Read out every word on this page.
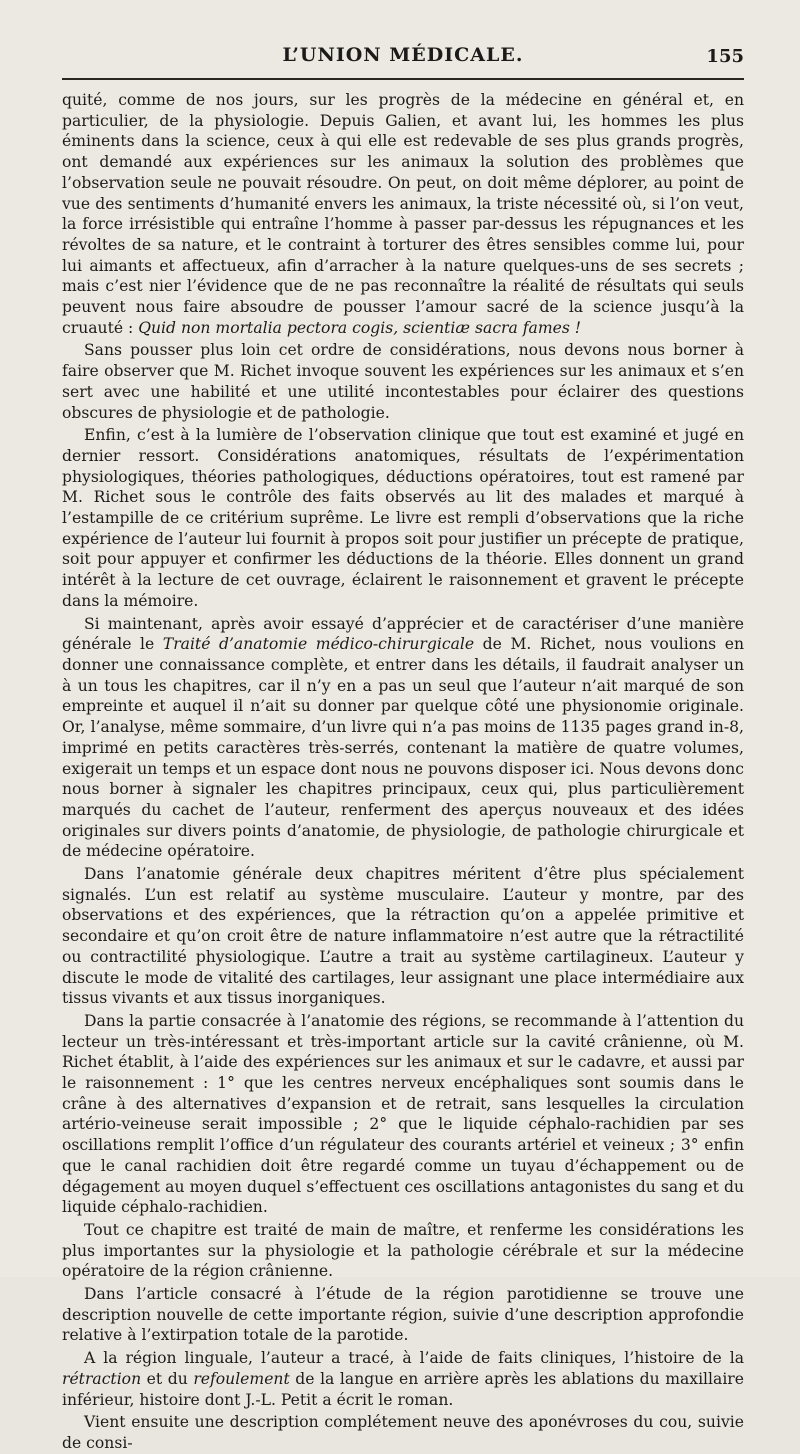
L’UNION MÉDICALE.	155

quité, comme de nos jours, sur les progrès de la médecine en général et, en particulier, de la physiologie. Depuis Galien, et avant lui, les hommes les plus éminents dans la science, ceux à qui elle est redevable de ses plus grands progrès, ont demandé aux expériences sur les animaux la solution des problèmes que l’observation seule ne pouvait résoudre. On peut, on doit même déplorer, au point de vue des sentiments d’humanité envers les animaux, la triste nécessité où, si l’on veut, la force irrésistible qui entraîne l’homme à passer par-dessus les répugnances et les révoltes de sa nature, et le contraint à torturer des êtres sensibles comme lui, pour lui aimants et affectueux, afin d’arracher à la nature quelques-uns de ses secrets ; mais c’est nier l’évidence que de ne pas reconnaître la réalité de résultats qui seuls peuvent nous faire absoudre de pousser l’amour sacré de la science jusqu’à la cruauté : Quid non mortalia pectora cogis, scientiæ sacra fames !

Sans pousser plus loin cet ordre de considérations, nous devons nous borner à faire observer que M. Richet invoque souvent les expériences sur les animaux et s’en sert avec une habilité et une utilité incontestables pour éclairer des questions obscures de physiologie et de pathologie.

Enfin, c’est à la lumière de l’observation clinique que tout est examiné et jugé en dernier ressort. Considérations anatomiques, résultats de l’expérimentation physiologiques, théories pathologiques, déductions opératoires, tout est ramené par M. Richet sous le contrôle des faits observés au lit des malades et marqué à l’estampille de ce critérium suprême. Le livre est rempli d’observations que la riche expérience de l’auteur lui fournit à propos soit pour justifier un précepte de pratique, soit pour appuyer et confirmer les déductions de la théorie. Elles donnent un grand intérêt à la lecture de cet ouvrage, éclairent le raisonnement et gravent le précepte dans la mémoire.

Si maintenant, après avoir essayé d’apprécier et de caractériser d’une manière générale le Traité d’anatomie médico-chirurgicale de M. Richet, nous voulions en donner une connaissance complète, et entrer dans les détails, il faudrait analyser un à un tous les chapitres, car il n’y en a pas un seul que l’auteur n’ait marqué de son empreinte et auquel il n’ait su donner par quelque côté une physionomie originale. Or, l’analyse, même sommaire, d’un livre qui n’a pas moins de 1135 pages grand in-8, imprimé en petits caractères très-serrés, contenant la matière de quatre volumes, exigerait un temps et un espace dont nous ne pouvons disposer ici. Nous devons donc nous borner à signaler les chapitres principaux, ceux qui, plus particulièrement marqués du cachet de l’auteur, renferment des aperçus nouveaux et des idées originales sur divers points d’anatomie, de physiologie, de pathologie chirurgicale et de médecine opératoire.

Dans l’anatomie générale deux chapitres méritent d’être plus spécialement signalés. L’un est relatif au système musculaire. L’auteur y montre, par des observations et des expériences, que la rétraction qu’on a appelée primitive et secondaire et qu’on croit être de nature inflammatoire n’est autre que la rétractilité ou contractilité physiologique. L’autre a trait au système cartilagineux. L’auteur y discute le mode de vitalité des cartilages, leur assignant une place intermédiaire aux tissus vivants et aux tissus inorganiques.

Dans la partie consacrée à l’anatomie des régions, se recommande à l’attention du lecteur un très-intéressant et très-important article sur la cavité crânienne, où M. Richet établit, à l’aide des expériences sur les animaux et sur le cadavre, et aussi par le raisonnement : 1° que les centres nerveux encéphaliques sont soumis dans le crâne à des alternatives d’expansion et de retrait, sans lesquelles la circulation artério-veineuse serait impossible ; 2° que le liquide céphalo-rachidien par ses oscillations remplit l’office d’un régulateur des courants artériel et veineux ; 3° enfin que le canal rachidien doit être regardé comme un tuyau d’échappement ou de dégagement au moyen duquel s’effectuent ces oscillations antagonistes du sang et du liquide céphalo-rachidien.

Tout ce chapitre est traité de main de maître, et renferme les considérations les plus importantes sur la physiologie et la pathologie cérébrale et sur la médecine opératoire de la région crânienne.

Dans l’article consacré à l’étude de la région parotidienne se trouve une description nouvelle de cette importante région, suivie d’une description approfondie relative à l’extirpation totale de la parotide.

A la région linguale, l’auteur a tracé, à l’aide de faits cliniques, l’histoire de la rétraction et du refoulement de la langue en arrière après les ablations du maxillaire inférieur, histoire dont J.-L. Petit a écrit le roman.

Vient ensuite une description complétement neuve des aponévroses du cou, suivie de consi-
